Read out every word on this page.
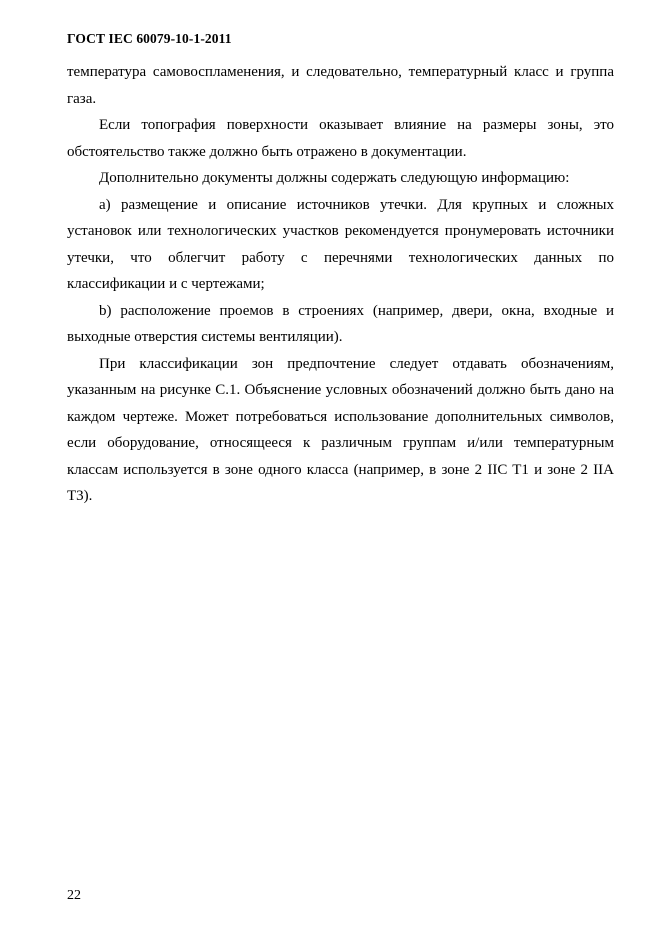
ГОСТ IEC 60079-10-1-2011

температура самовоспламенения, и следовательно, температурный класс и группа газа.

Если топография поверхности оказывает влияние на размеры зоны, это обстоятельство также должно быть отражено в документации.

Дополнительно документы должны содержать следующую информацию:

a) размещение и описание источников утечки. Для крупных и сложных установок или технологических участков рекомендуется пронумеровать источники утечки, что облегчит работу с перечнями технологических данных по классификации и с чертежами;

b) расположение проемов в строениях (например, двери, окна, входные и выходные отверстия системы вентиляции).

При классификации зон предпочтение следует отдавать обозначениям, указанным на рисунке С.1. Объяснение условных обозначений должно быть дано на каждом чертеже. Может потребоваться использование дополнительных символов, если оборудование, относящееся к различным группам и/или температурным классам используется в зоне одного класса (например, в зоне 2 IIC T1 и зоне 2 IIA T3).

22
